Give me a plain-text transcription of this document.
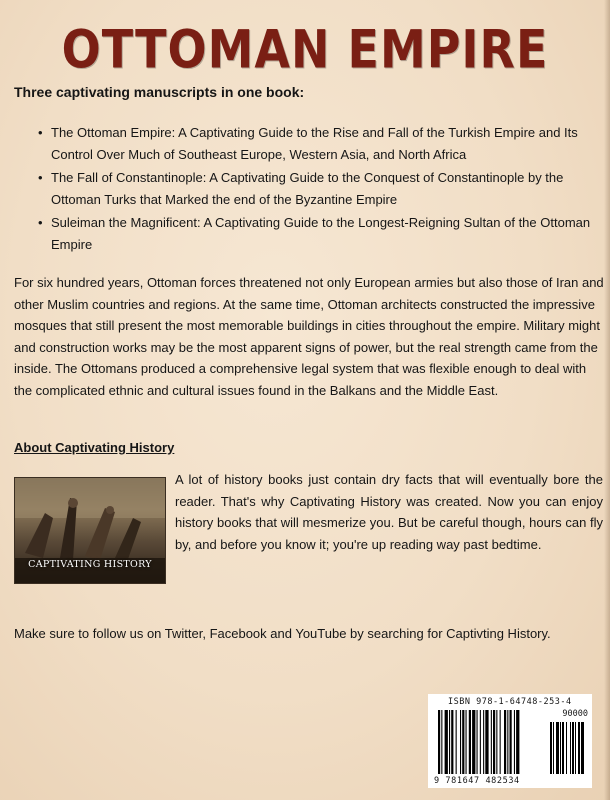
OTTOMAN EMPIRE
Three captivating manuscripts in one book:
• The Ottoman Empire: A Captivating Guide to the Rise and Fall of the Turkish Empire and Its Control Over Much of Southeast Europe, Western Asia, and North Africa
• The Fall of Constantinople: A Captivating Guide to the Conquest of Constantinople by the Ottoman Turks that Marked the end of the Byzantine Empire
• Suleiman the Magnificent: A Captivating Guide to the Longest-Reigning Sultan of the Ottoman Empire

For six hundred years, Ottoman forces threatened not only European armies but also those of Iran and other Muslim countries and regions. At the same time, Ottoman architects constructed the impressive mosques that still present the most memorable buildings in cities throughout the empire. Military might and construction works may be the most apparent signs of power, but the real strength came from the inside. The Ottomans produced a comprehensive legal system that was flexible enough to deal with the complicated ethnic and cultural issues found in the Balkans and the Middle East.

About Captivating History
CAPTIVATING HISTORY

A lot of history books just contain dry facts that will eventually bore the reader. That's why Captivating History was created. Now you can enjoy history books that will mesmerize you. But be careful though, hours can fly by, and before you know it; you're up reading way past bedtime.

Make sure to follow us on Twitter, Facebook and YouTube by searching for Captivting History.

ISBN 978-1-64748-253-4
90000
9 781647 482534
